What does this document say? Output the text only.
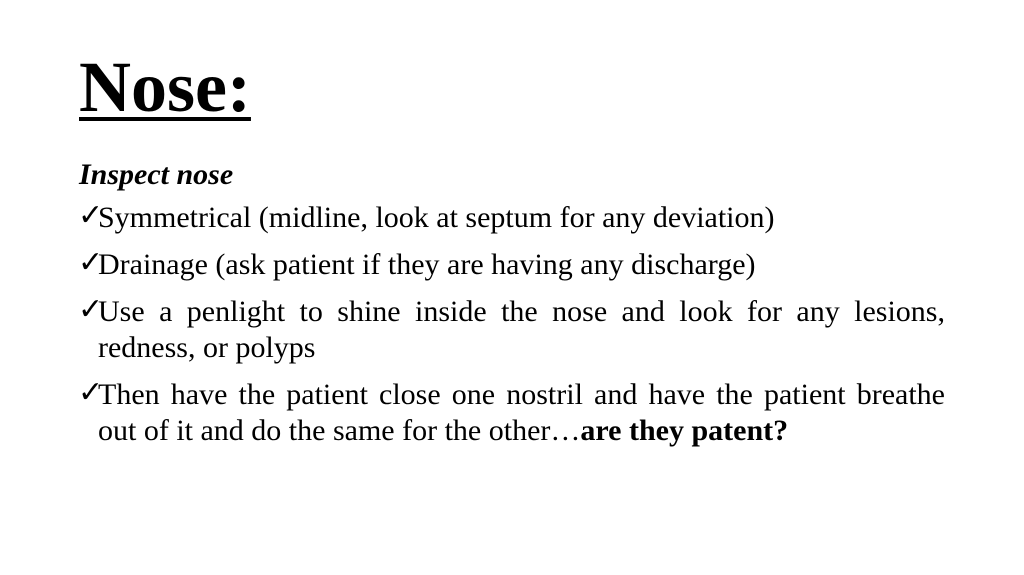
Nose:
Inspect nose
✓
Symmetrical (midline, look at septum for any deviation)
✓
Drainage (ask patient if they are having any discharge)
✓
Use a penlight to shine inside the nose and look for any lesions, redness, or polyps
✓
Then have the patient close one nostril and have the patient breathe out of it and do the same for the other…are they patent?
